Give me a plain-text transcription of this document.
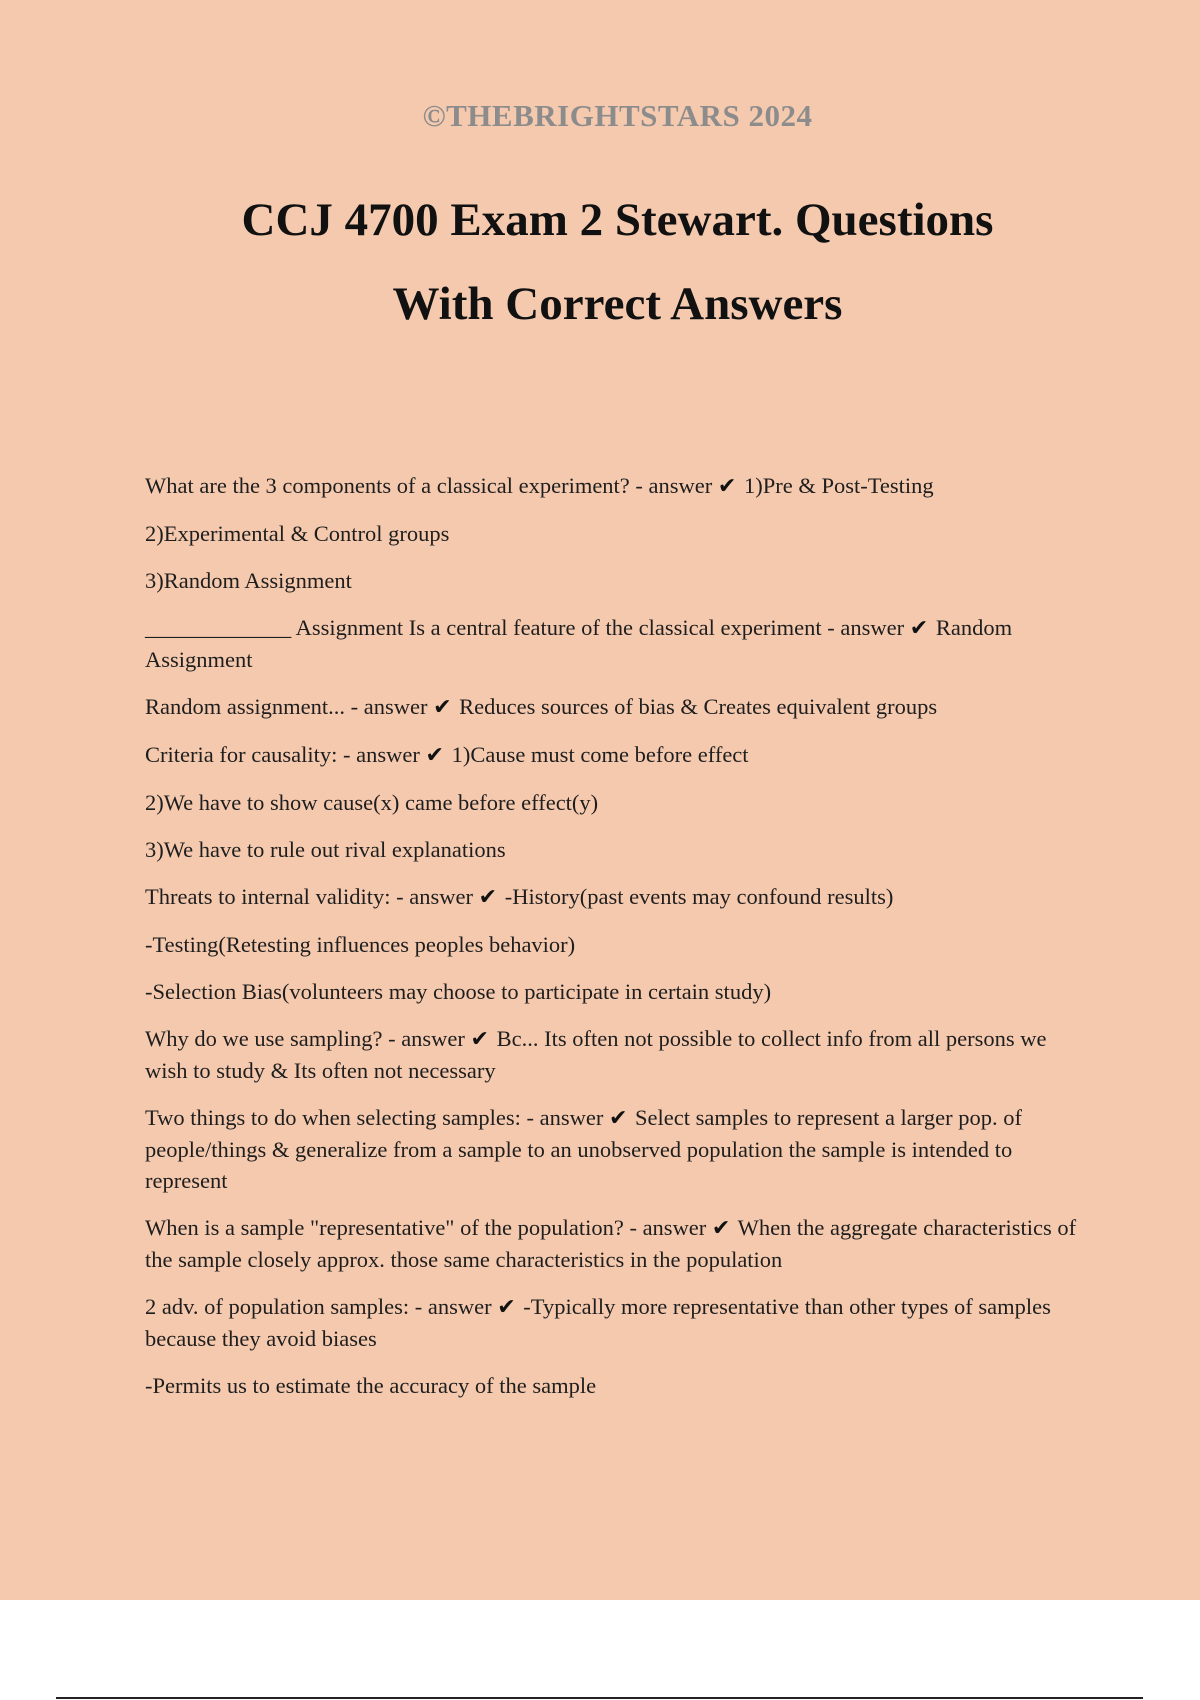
©THEBRIGHTSTARS 2024
CCJ 4700 Exam 2 Stewart. Questions
With Correct Answers

What are the 3 components of a classical experiment? - answer ✔ 1)Pre & Post-Testing

2)Experimental & Control groups

3)Random Assignment

_____________ Assignment Is a central feature of the classical experiment - answer ✔ Random Assignment

Random assignment... - answer ✔ Reduces sources of bias & Creates equivalent groups

Criteria for causality: - answer ✔ 1)Cause must come before effect

2)We have to show cause(x) came before effect(y)

3)We have to rule out rival explanations

Threats to internal validity: - answer ✔ -History(past events may confound results)

-Testing(Retesting influences peoples behavior)

-Selection Bias(volunteers may choose to participate in certain study)

Why do we use sampling? - answer ✔ Bc... Its often not possible to collect info from all persons we wish to study & Its often not necessary

Two things to do when selecting samples: - answer ✔ Select samples to represent a larger pop. of people/things & generalize from a sample to an unobserved population the sample is intended to represent

When is a sample "representative" of the population? - answer ✔ When the aggregate characteristics of the sample closely approx. those same characteristics in the population

2 adv. of population samples: - answer ✔ -Typically more representative than other types of samples because they avoid biases

-Permits us to estimate the accuracy of the sample
